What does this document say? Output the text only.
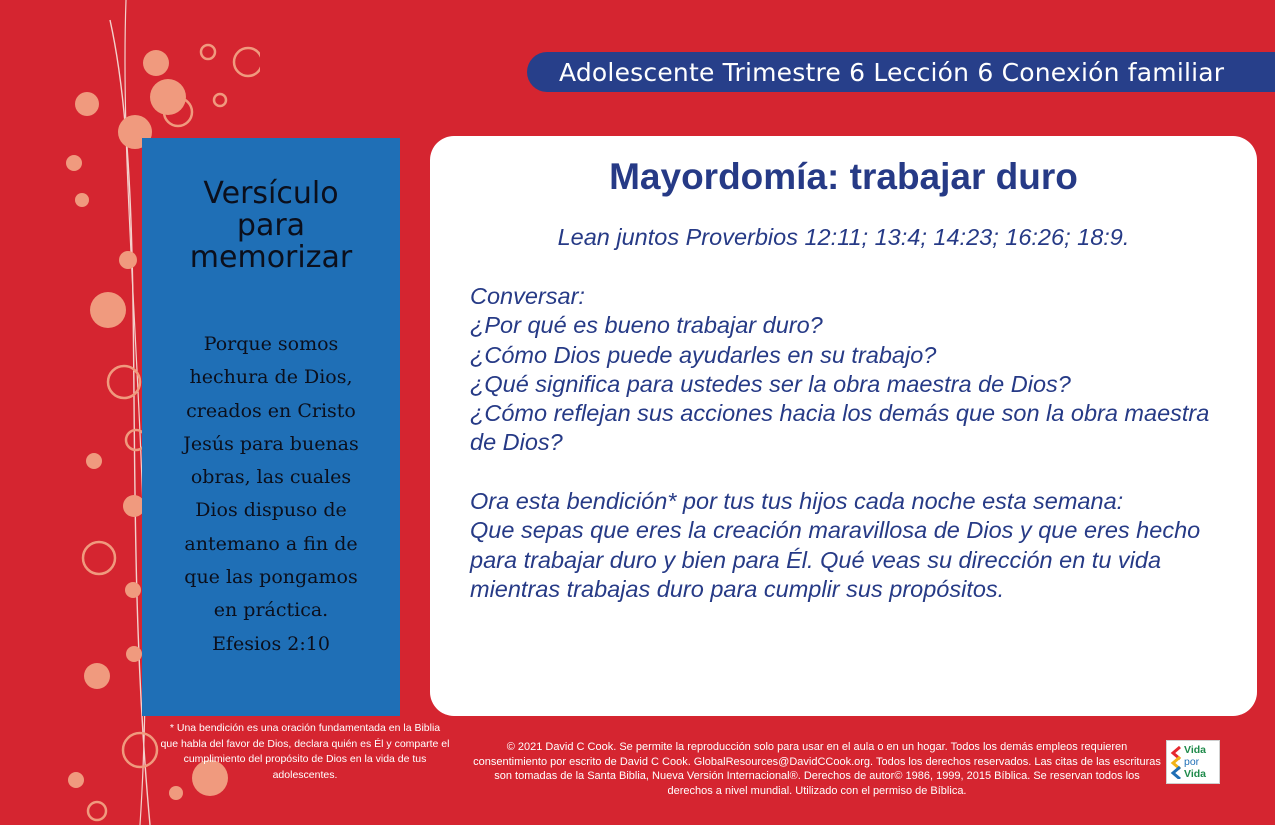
Adolescente Trimestre 6 Lección 6 Conexión familiar
Versículo
para
memorizar
Porque somos
hechura de Dios,
creados en Cristo
Jesús para buenas
obras, las cuales
Dios dispuso de
antemano a fin de
que las pongamos
en práctica.
Efesios 2:10
* Una bendición es una oración fundamentada en la Biblia que habla del favor de Dios, declara quién es Él y comparte el cumplimiento del propósito de Dios en la vida de tus adolescentes.
Mayordomía: trabajar duro
Lean juntos Proverbios 12:11; 13:4; 14:23; 16:26; 18:9.

Conversar:

¿Por qué es bueno trabajar duro?

¿Cómo Dios puede ayudarles en su trabajo?

¿Qué significa para ustedes ser la obra maestra de Dios?

¿Cómo reflejan sus acciones hacia los demás que son la obra maestra de Dios?

Ora esta bendición* por tus tus hijos cada noche esta semana:

Que sepas que eres la creación maravillosa de Dios y que eres hecho para trabajar duro y bien para Él. Qué veas su dirección en tu vida mientras trabajas duro para cumplir sus propósitos.

© 2021 David C Cook. Se permite la reproducción solo para usar en el aula o en un hogar. Todos los demás empleos requieren consentimiento por escrito de David C Cook. GlobalResources@DavidCCook.org. Todos los derechos reservados. Las citas de las escrituras son tomadas de la Santa Biblia, Nueva Versión Internacional®. Derechos de autor© 1986, 1999, 2015 Bíblica. Se reservan todos los derechos a nivel mundial. Utilizado con el permiso de Bíblica.
Vida
por
Vida
